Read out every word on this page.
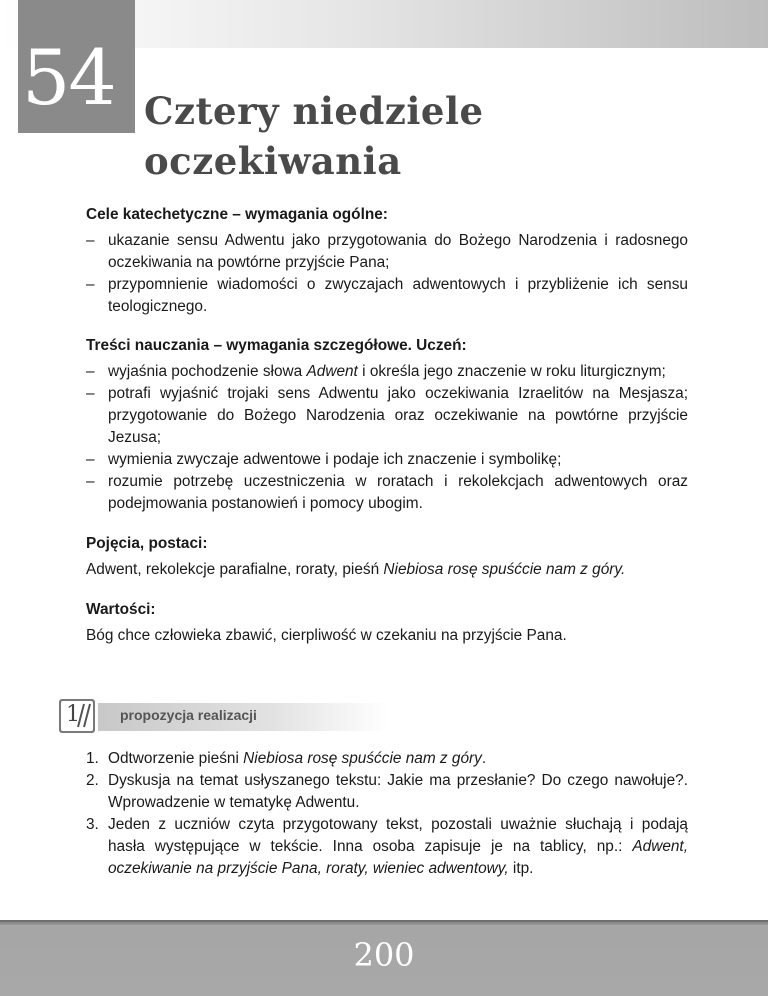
54 Cztery niedziele
oczekiwania

Cele katechetyczne – wymagania ogólne:

– ukazanie sensu Adwentu jako przygotowania do Bożego Narodzenia i radosnego oczekiwania na powtórne przyjście Pana;
– przypomnienie wiadomości o zwyczajach adwentowych i przybliżenie ich sensu teologicznego.

Treści nauczania – wymagania szczegółowe. Uczeń:

– wyjaśnia pochodzenie słowa Adwent i określa jego znaczenie w roku liturgicznym;
– potrafi wyjaśnić trojaki sens Adwentu jako oczekiwania Izraelitów na Mesjasza; przygotowanie do Bożego Narodzenia oraz oczekiwanie na powtórne przyjście Jezusa;
– wymienia zwyczaje adwentowe i podaje ich znaczenie i symbolikę;
– rozumie potrzebę uczestniczenia w roratach i rekolekcjach adwentowych oraz podejmowania postanowień i pomocy ubogim.

Pojęcia, postaci:

Adwent, rekolekcje parafialne, roraty, pieśń Niebiosa rosę spuśćcie nam z góry.

Wartości:

Bóg chce człowieka zbawić, cierpliwość w czekaniu na przyjście Pana.

1	propozycja realizacji
1. Odtworzenie pieśni Niebiosa rosę spuśćcie nam z góry.
2. Dyskusja na temat usłyszanego tekstu: Jakie ma przesłanie? Do czego nawołuje?. Wprowadzenie w tematykę Adwentu.
3. Jeden z uczniów czyta przygotowany tekst, pozostali uważnie słuchają i podają hasła występujące w tekście. Inna osoba zapisuje je na tablicy, np.: Adwent, oczekiwanie na przyjście Pana, roraty, wieniec adwentowy, itp.
200
